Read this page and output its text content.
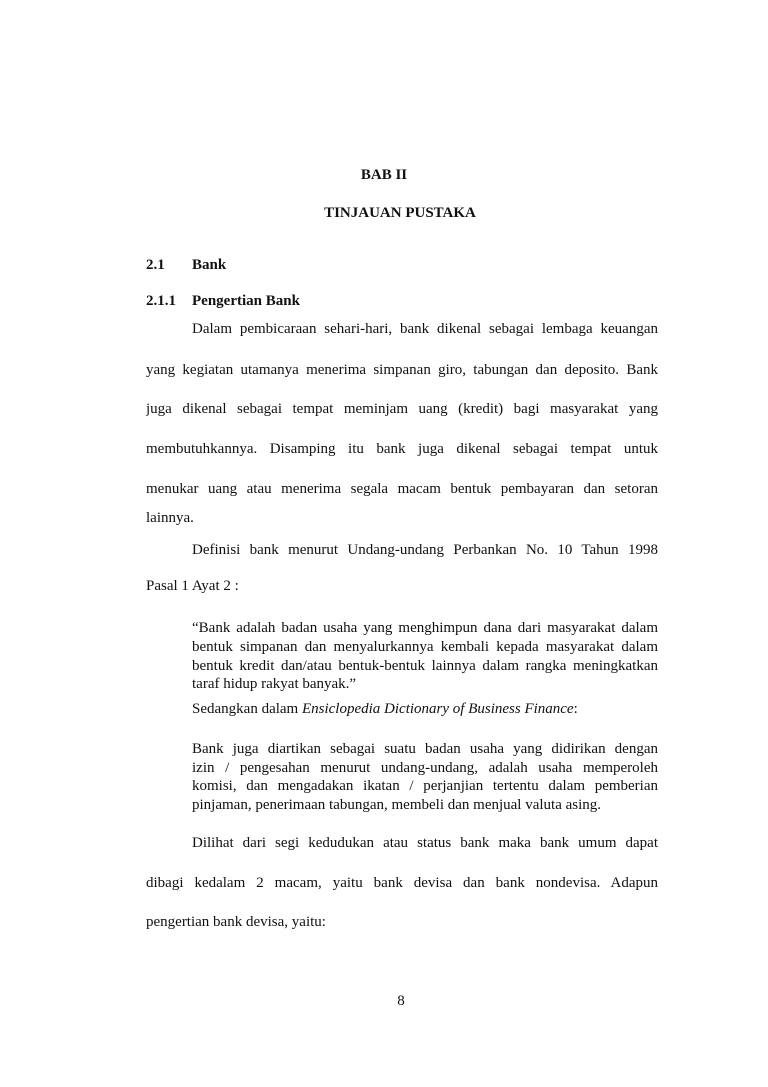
BAB II
TINJAUAN PUSTAKA
2.1 Bank
2.1.1 Pengertian Bank
Dalam pembicaraan sehari-hari, bank dikenal sebagai lembaga keuangan
yang kegiatan utamanya menerima simpanan giro, tabungan dan deposito. Bank
juga dikenal sebagai tempat meminjam uang (kredit) bagi masyarakat yang
membutuhkannya. Disamping itu bank juga dikenal sebagai tempat untuk
menukar uang atau menerima segala macam bentuk pembayaran dan setoran
lainnya.
Definisi bank menurut Undang-undang Perbankan No. 10 Tahun 1998
Pasal 1 Ayat 2 :
“Bank adalah badan usaha yang menghimpun dana dari masyarakat dalam
bentuk simpanan dan menyalurkannya kembali kepada masyarakat dalam
bentuk kredit dan/atau bentuk-bentuk lainnya dalam rangka meningkatkan
taraf hidup rakyat banyak.”
Sedangkan dalam Ensiclopedia Dictionary of Business Finance:
Bank juga diartikan sebagai suatu badan usaha yang didirikan dengan
izin / pengesahan menurut undang-undang, adalah usaha memperoleh
komisi, dan mengadakan ikatan / perjanjian tertentu dalam pemberian
pinjaman, penerimaan tabungan, membeli dan menjual valuta asing.
Dilihat dari segi kedudukan atau status bank maka bank umum dapat
dibagi kedalam 2 macam, yaitu bank devisa dan bank nondevisa. Adapun
pengertian bank devisa, yaitu:
8
